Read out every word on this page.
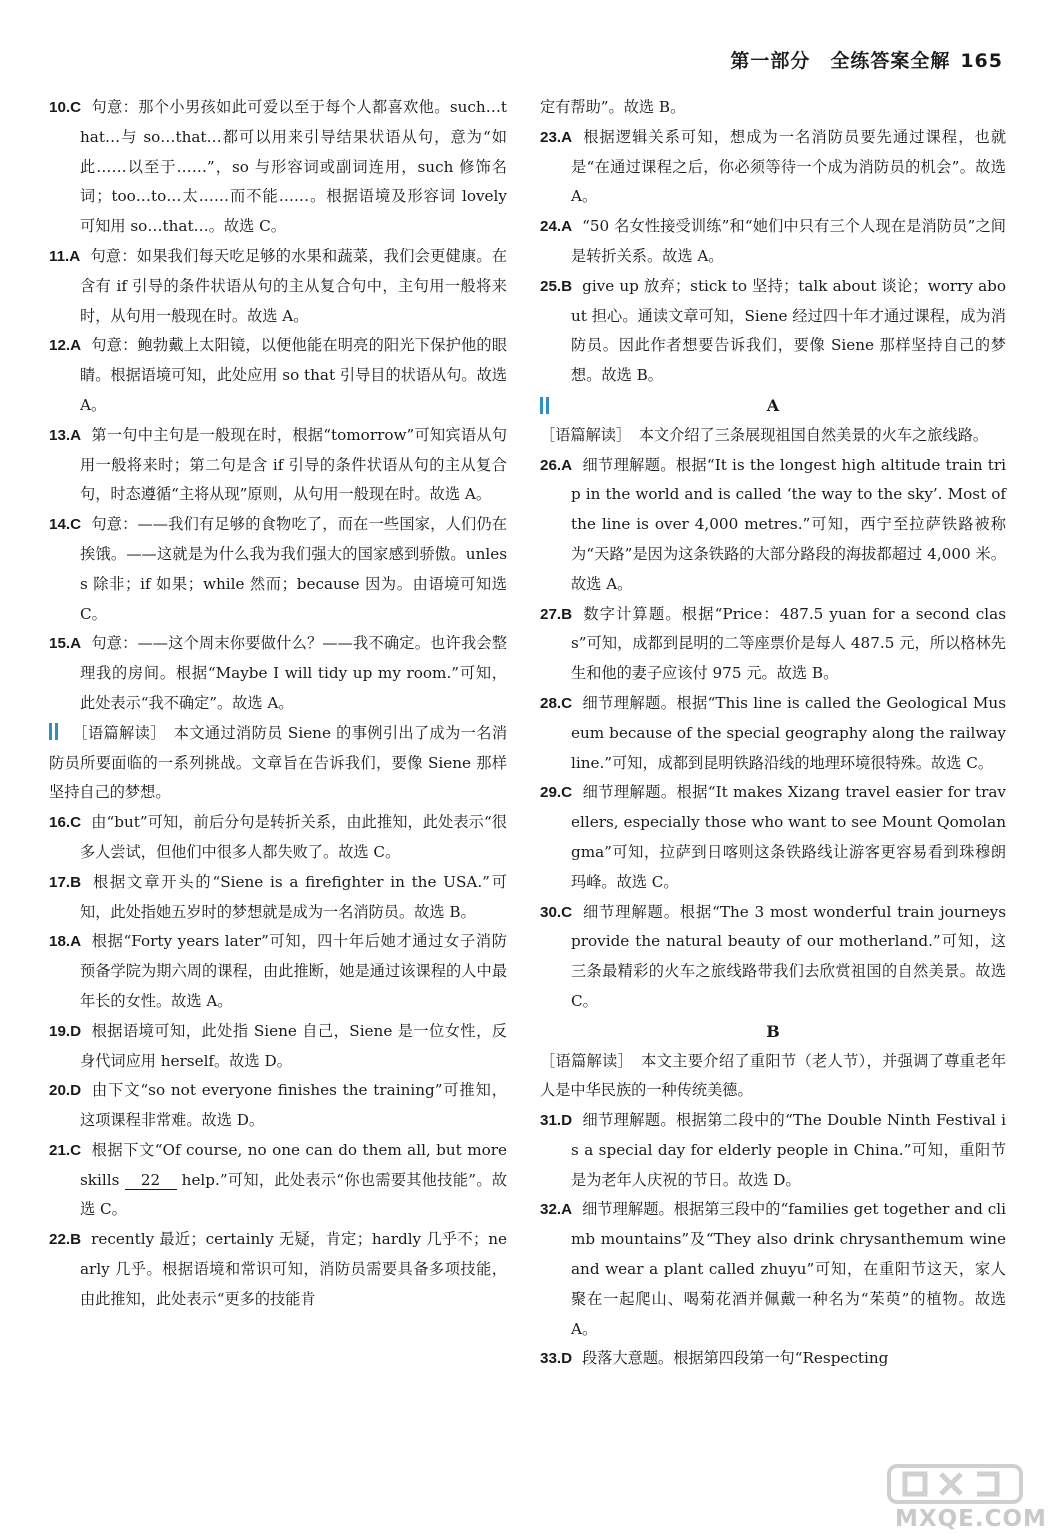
第一部分　全练答案全解 165

10.C 句意：那个小男孩如此可爱以至于每个人都喜欢他。such…that…与 so…that…都可以用来引导结果状语从句，意为“如此……以至于……”，so 与形容词或副词连用，such 修饰名词；too…to…太……而不能……。根据语境及形容词 lovely 可知用 so…that…。故选 C。

11.A 句意：如果我们每天吃足够的水果和蔬菜，我们会更健康。在含有 if 引导的条件状语从句的主从复合句中，主句用一般将来时，从句用一般现在时。故选 A。

12.A 句意：鲍勃戴上太阳镜，以便他能在明亮的阳光下保护他的眼睛。根据语境可知，此处应用 so that 引导目的状语从句。故选 A。

13.A 第一句中主句是一般现在时，根据“tomorrow”可知宾语从句用一般将来时；第二句是含 if 引导的条件状语从句的主从复合句，时态遵循“主将从现”原则，从句用一般现在时。故选 A。

14.C 句意：——我们有足够的食物吃了，而在一些国家，人们仍在挨饿。——这就是为什么我为我们强大的国家感到骄傲。unless 除非；if 如果；while 然而；because 因为。由语境可知选 C。

15.A 句意：——这个周末你要做什么？——我不确定。也许我会整理我的房间。根据“Maybe I will tidy up my room.”可知，此处表示“我不确定”。故选 A。

［语篇解读］　 本文通过消防员 Siene 的事例引出了成为一名消防员所要面临的一系列挑战。文章旨在告诉我们，要像 Siene 那样坚持自己的梦想。

16.C 由“but”可知，前后分句是转折关系，由此推知，此处表示“很多人尝试，但他们中很多人都失败了。故选 C。

17.B 根据文章开头的“Siene is a firefighter in the USA.”可知，此处指她五岁时的梦想就是成为一名消防员。故选 B。

18.A 根据“Forty years later”可知，四十年后她才通过女子消防预备学院为期六周的课程，由此推断，她是通过该课程的人中最年长的女性。故选 A。

19.D 根据语境可知，此处指 Siene 自己，Siene 是一位女性，反身代词应用 herself。故选 D。

20.D 由下文“so not everyone finishes the training”可推知，这项课程非常难。故选 D。

21.C 根据下文“Of course, no one can do them all, but more skills 22 help.”可知，此处表示“你也需要其他技能”。故选 C。

22.B recently 最近；certainly 无疑，肯定；hardly 几乎不；nearly 几乎。根据语境和常识可知，消防员需要具备多项技能，由此推知，此处表示“更多的技能肯

定有帮助”。故选 B。

23.A 根据逻辑关系可知，想成为一名消防员要先通过课程，也就是“在通过课程之后，你必须等待一个成为消防员的机会”。故选 A。

24.A “50 名女性接受训练”和“她们中只有三个人现在是消防员”之间是转折关系。故选 A。

25.B give up 放弃；stick to 坚持；talk about 谈论；worry about 担心。通读文章可知，Siene 经过四十年才通过课程，成为消防员。因此作者想要告诉我们，要像 Siene 那样坚持自己的梦想。故选 B。

A

［语篇解读］　 本文介绍了三条展现祖国自然美景的火车之旅线路。

26.A 细节理解题。根据“It is the longest high altitude train trip in the world and is called ‘the way to the sky’. Most of the line is over 4,000 metres.”可知，西宁至拉萨铁路被称为“天路”是因为这条铁路的大部分路段的海拔都超过 4,000 米。故选 A。

27.B 数字计算题。根据“Price：487.5 yuan for a second class”可知，成都到昆明的二等座票价是每人 487.5 元，所以格林先生和他的妻子应该付 975 元。故选 B。

28.C 细节理解题。根据“This line is called the Geological Museum because of the special geography along the railway line.”可知，成都到昆明铁路沿线的地理环境很特殊。故选 C。

29.C 细节理解题。根据“It makes Xizang travel easier for travellers, especially those who want to see Mount Qomolangma”可知，拉萨到日喀则这条铁路线让游客更容易看到珠穆朗玛峰。故选 C。

30.C 细节理解题。根据“The 3 most wonderful train journeys provide the natural beauty of our motherland.”可知，这三条最精彩的火车之旅线路带我们去欣赏祖国的自然美景。故选 C。

B

［语篇解读］　 本文主要介绍了重阳节（老人节），并强调了尊重老年人是中华民族的一种传统美德。

31.D 细节理解题。根据第二段中的“The Double Ninth Festival is a special day for elderly people in China.”可知，重阳节是为老年人庆祝的节日。故选 D。

32.A 细节理解题。根据第三段中的“families get together and climb mountains”及“They also drink chrysanthemum wine and wear a plant called zhuyu”可知，在重阳节这天，家人聚在一起爬山、喝菊花酒并佩戴一种名为“茱萸”的植物。故选 A。

33.D 段落大意题。根据第四段第一句“Respecting

MXQE.COM
